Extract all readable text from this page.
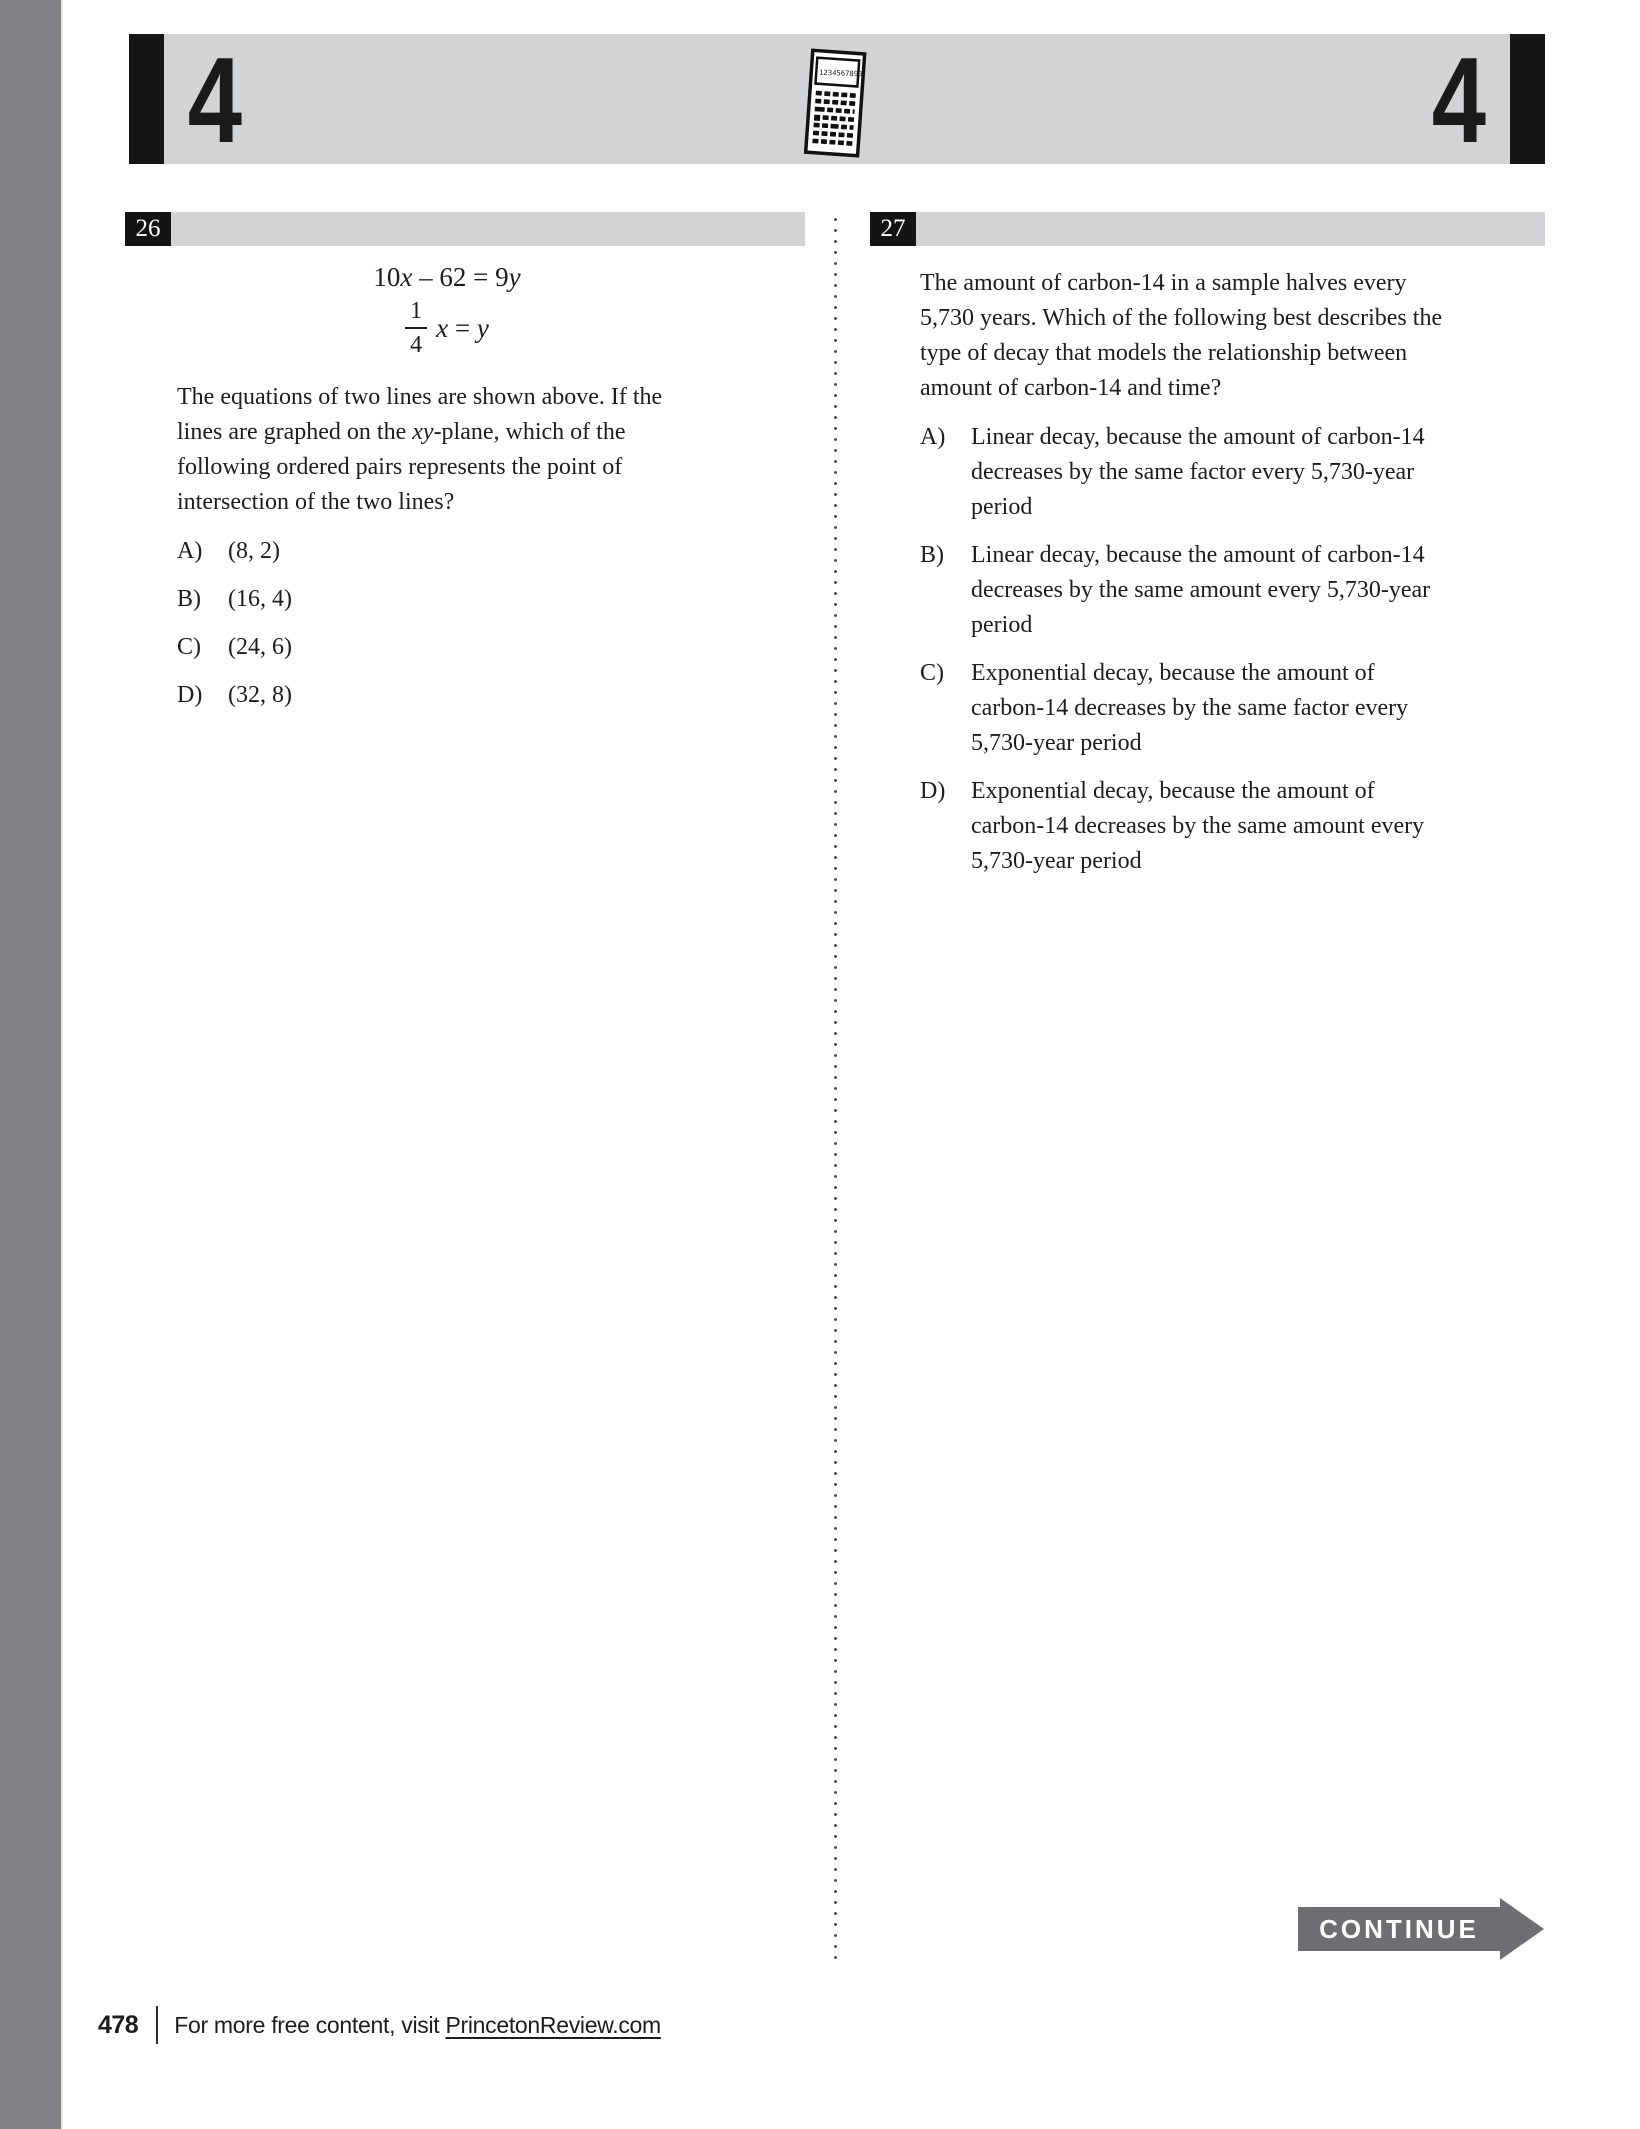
4	4
1234567890
26
10x – 62 = 9y
$\frac{1}{4}$ x = y
The equations of two lines are shown above. If the
lines are graphed on the xy-plane, which of the
following ordered pairs represents the point of
intersection of the two lines?
A)	(8, 2)
B)	(16, 4)
C)	(24, 6)
D)	(32, 8)
27
The amount of carbon-14 in a sample halves every
5,730 years. Which of the following best describes the
type of decay that models the relationship between
amount of carbon-14 and time?
A)	Linear decay, because the amount of carbon-14
decreases by the same factor every 5,730-year
period
B)	Linear decay, because the amount of carbon-14
decreases by the same amount every 5,730-year
period
C)	Exponential decay, because the amount of
carbon-14 decreases by the same factor every
5,730-year period
D)	Exponential decay, because the amount of
carbon-14 decreases by the same amount every
5,730-year period
CONTINUE
478 For more free content, visit PrincetonReview.com
